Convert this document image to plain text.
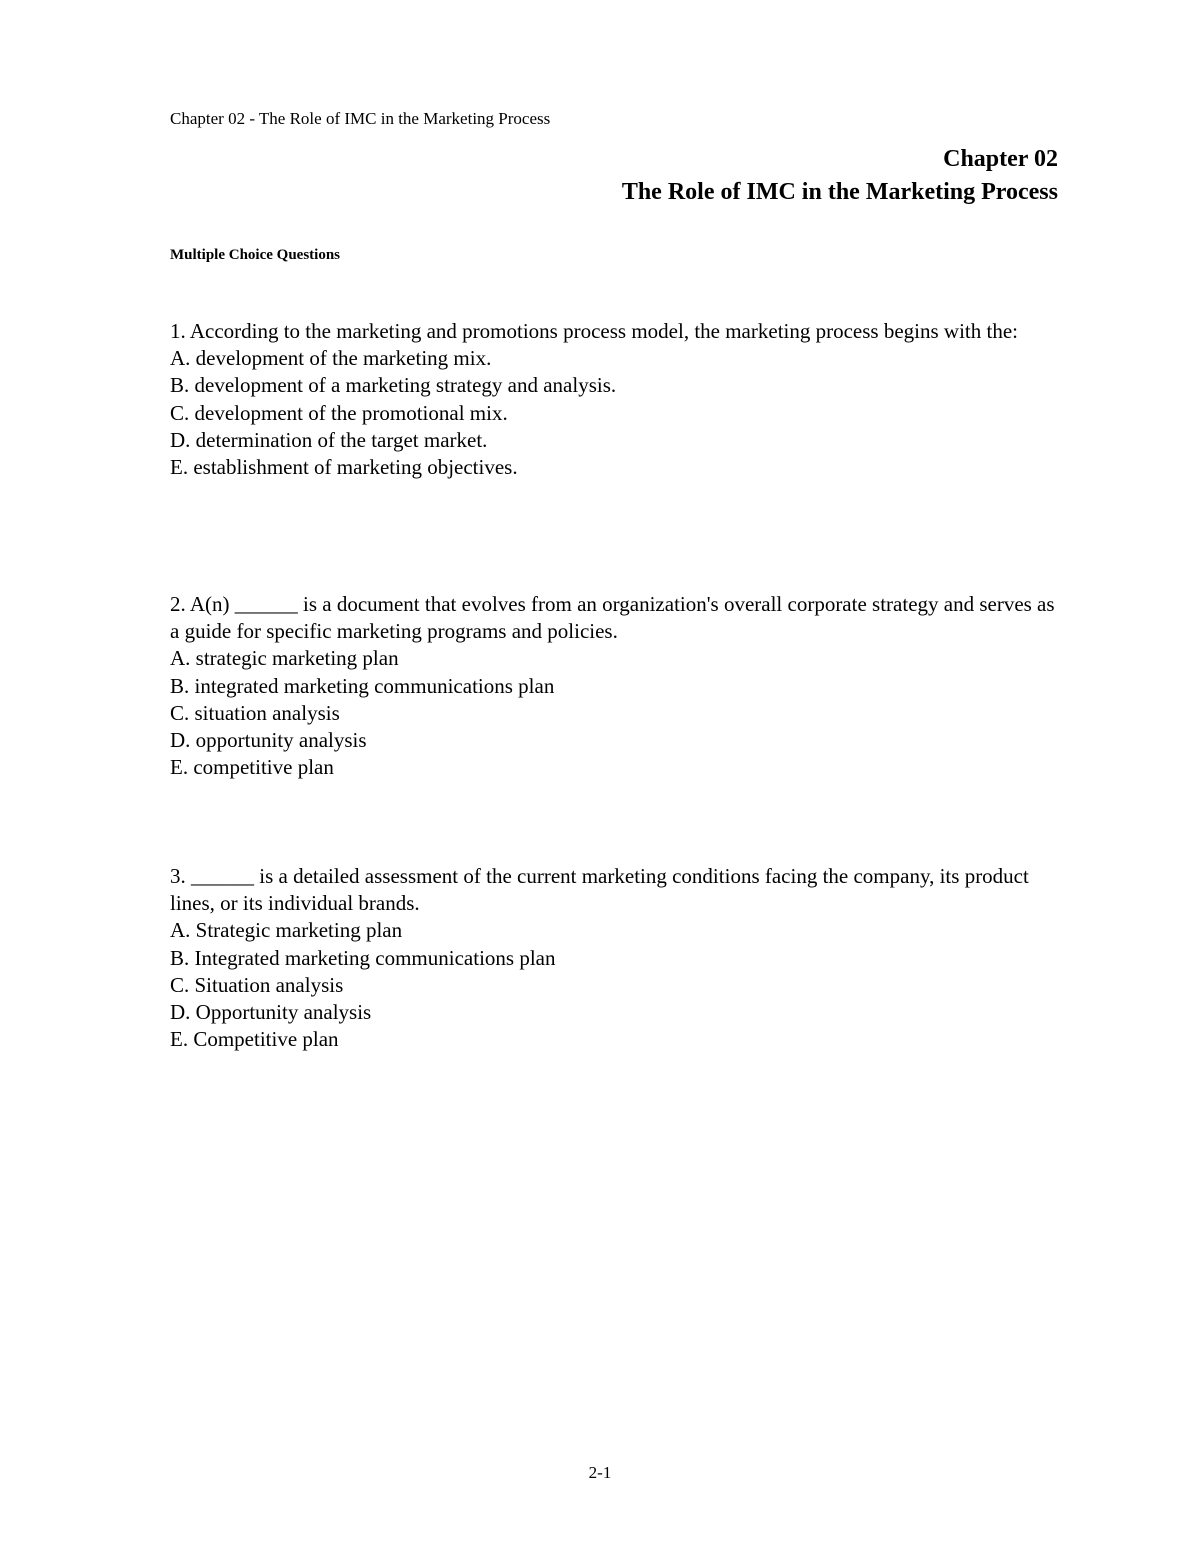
Chapter 02 - The Role of IMC in the Marketing Process
Chapter 02
The Role of IMC in the Marketing Process
Multiple Choice Questions

1. According to the marketing and promotions process model, the marketing process begins with the:

A. development of the marketing mix.

B. development of a marketing strategy and analysis.

C. development of the promotional mix.

D. determination of the target market.

E. establishment of marketing objectives.

2. A(n) ______ is a document that evolves from an organization's overall corporate strategy and serves as a guide for specific marketing programs and policies.

A. strategic marketing plan

B. integrated marketing communications plan

C. situation analysis

D. opportunity analysis

E. competitive plan

3. ______ is a detailed assessment of the current marketing conditions facing the company, its product lines, or its individual brands.

A. Strategic marketing plan

B. Integrated marketing communications plan

C. Situation analysis

D. Opportunity analysis

E. Competitive plan

2-1
